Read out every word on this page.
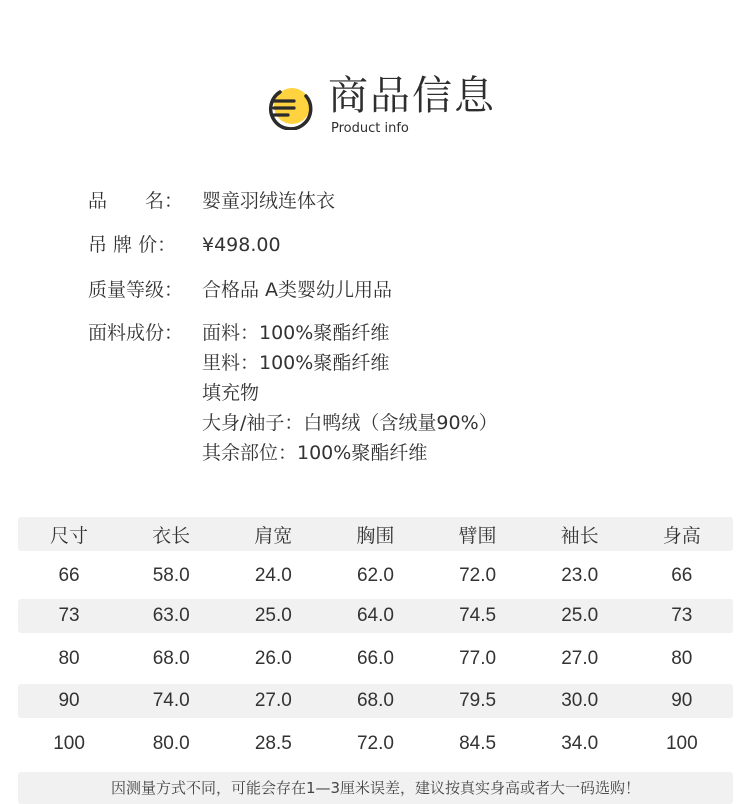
商品信息
Product info
品　　名： 婴童羽绒连体衣
吊 牌 价：	¥498.00
质量等级： 合格品 A类婴幼儿用品
面料成份： 面料：100%聚酯纤维
里料：100%聚酯纤维
填充物
大身/袖子：白鸭绒（含绒量90%）
其余部位：100%聚酯纤维
尺寸	衣长	肩宽	胸围	臂围	袖长	身高
66	58.0	24.0	62.0	72.0	23.0	66
73	63.0	25.0	64.0	74.5	25.0	73
80	68.0	26.0	66.0	77.0	27.0	80
90	74.0	27.0	68.0	79.5	30.0	90
100	80.0	28.5	72.0	84.5	34.0	100
因测量方式不同，可能会存在1—3厘米误差，建议按真实身高或者大一码选购！
